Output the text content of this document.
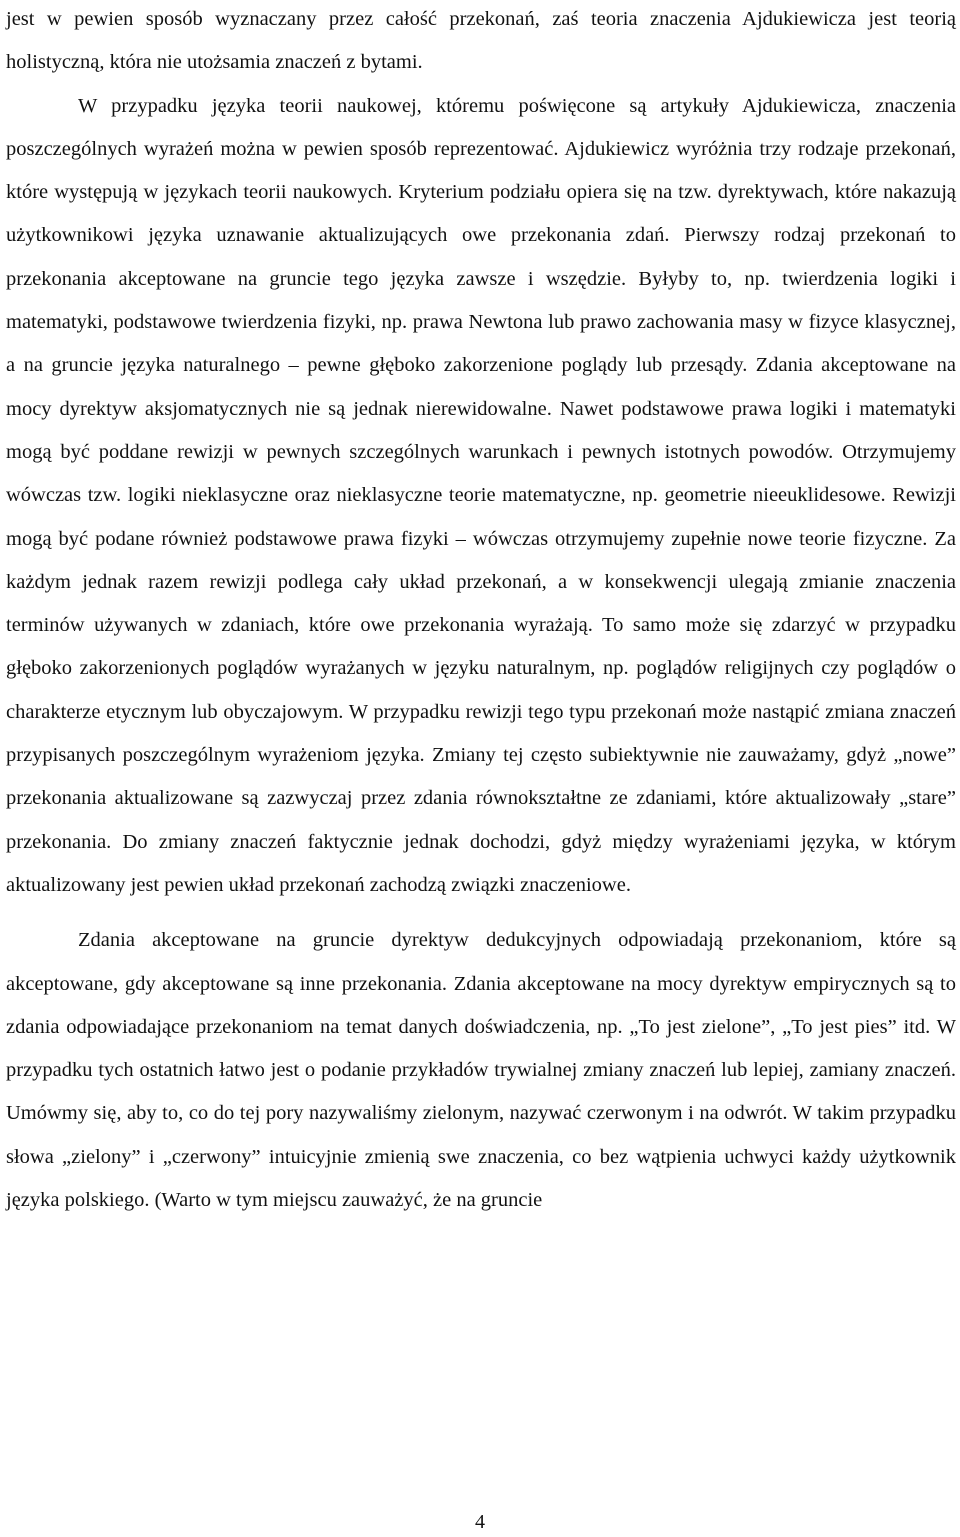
jest w pewien sposób wyznaczany przez całość przekonań, zaś teoria znaczenia Ajdukiewicza jest teorią holistyczną, która nie utożsamia znaczeń z bytami.

W przypadku języka teorii naukowej, któremu poświęcone są artykuły Ajdukiewicza, znaczenia poszczególnych wyrażeń można w pewien sposób reprezentować. Ajdukiewicz wyróżnia trzy rodzaje przekonań, które występują w językach teorii naukowych. Kryterium podziału opiera się na tzw. dyrektywach, które nakazują użytkownikowi języka uznawanie aktualizujących owe przekonania zdań. Pierwszy rodzaj przekonań to przekonania akceptowane na gruncie tego języka zawsze i wszędzie. Byłyby to, np. twierdzenia logiki i matematyki, podstawowe twierdzenia fizyki, np. prawa Newtona lub prawo zachowania masy w fizyce klasycznej, a na gruncie języka naturalnego – pewne głęboko zakorzenione poglądy lub przesądy. Zdania akceptowane na mocy dyrektyw aksjomatycznych nie są jednak nierewidowalne. Nawet podstawowe prawa logiki i matematyki mogą być poddane rewizji w pewnych szczególnych warunkach i pewnych istotnych powodów. Otrzymujemy wówczas tzw. logiki nieklasyczne oraz nieklasyczne teorie matematyczne, np. geometrie nieeuklidesowe. Rewizji mogą być podane również podstawowe prawa fizyki – wówczas otrzymujemy zupełnie nowe teorie fizyczne. Za każdym jednak razem rewizji podlega cały układ przekonań, a w konsekwencji ulegają zmianie znaczenia terminów używanych w zdaniach, które owe przekonania wyrażają. To samo może się zdarzyć w przypadku głęboko zakorzenionych poglądów wyrażanych w języku naturalnym, np. poglądów religijnych czy poglądów o charakterze etycznym lub obyczajowym. W przypadku rewizji tego typu przekonań może nastąpić zmiana znaczeń przypisanych poszczególnym wyrażeniom języka. Zmiany tej często subiektywnie nie zauważamy, gdyż „nowe” przekonania aktualizowane są zazwyczaj przez zdania równokształtne ze zdaniami, które aktualizowały „stare” przekonania. Do zmiany znaczeń faktycznie jednak dochodzi, gdyż między wyrażeniami języka, w którym aktualizowany jest pewien układ przekonań zachodzą związki znaczeniowe.

Zdania akceptowane na gruncie dyrektyw dedukcyjnych odpowiadają przekonaniom, które są akceptowane, gdy akceptowane są inne przekonania. Zdania akceptowane na mocy dyrektyw empirycznych są to zdania odpowiadające przekonaniom na temat danych doświadczenia, np. „To jest zielone”, „To jest pies” itd. W przypadku tych ostatnich łatwo jest o podanie przykładów trywialnej zmiany znaczeń lub lepiej, zamiany znaczeń. Umówmy się, aby to, co do tej pory nazywaliśmy zielonym, nazywać czerwonym i na odwrót. W takim przypadku słowa „zielony” i „czerwony” intuicyjnie zmienią swe znaczenia, co bez wątpienia uchwyci każdy użytkownik języka polskiego. (Warto w tym miejscu zauważyć, że na gruncie

4
